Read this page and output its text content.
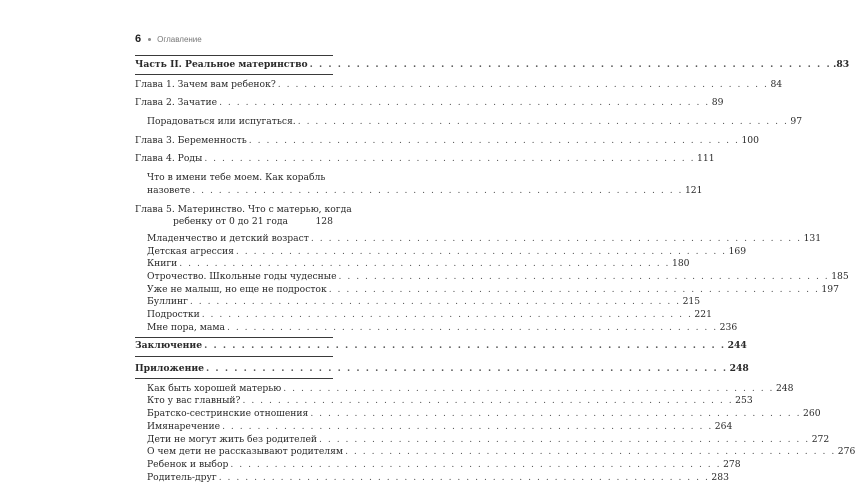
6 Оглавление
Часть II. Реальное материнство . . .	.83
Глава 1. Зачем вам ребенок? . . .	84
Глава 2. Зачатие . . .	89
Порадоваться или испугаться. . . .	97
Глава 3. Беременность . . .	100
Глава 4. Роды . . .	111
Что в имени тебе моем. Как корабль
назовете . . .	121
Глава 5. Материнство. Что с матерью, когда
ребенку от 0 до 21 года	128
Младенчество и детский возраст . . .	131
Детская агрессия . . .	169
Книги . . .	180
Отрочество. Школьные годы чудесные . . .	185
Уже не малыш, но еще не подросток . . .	197
Буллинг . . .	215
Подростки . . .	221
Мне пора, мама . . .	236
Заключение . . .	244
Приложение . . .	248
Как быть хорошей матерью . . .	248
Кто у вас главный? . . .	253
Братско-сестринские отношения . . .	260
Имянаречение . . .	264
Дети не могут жить без родителей . . .	272
О чем дети не рассказывают родителям . . .	276
Ребенок и выбор . . .	278
Родитель-друг . . .	283
